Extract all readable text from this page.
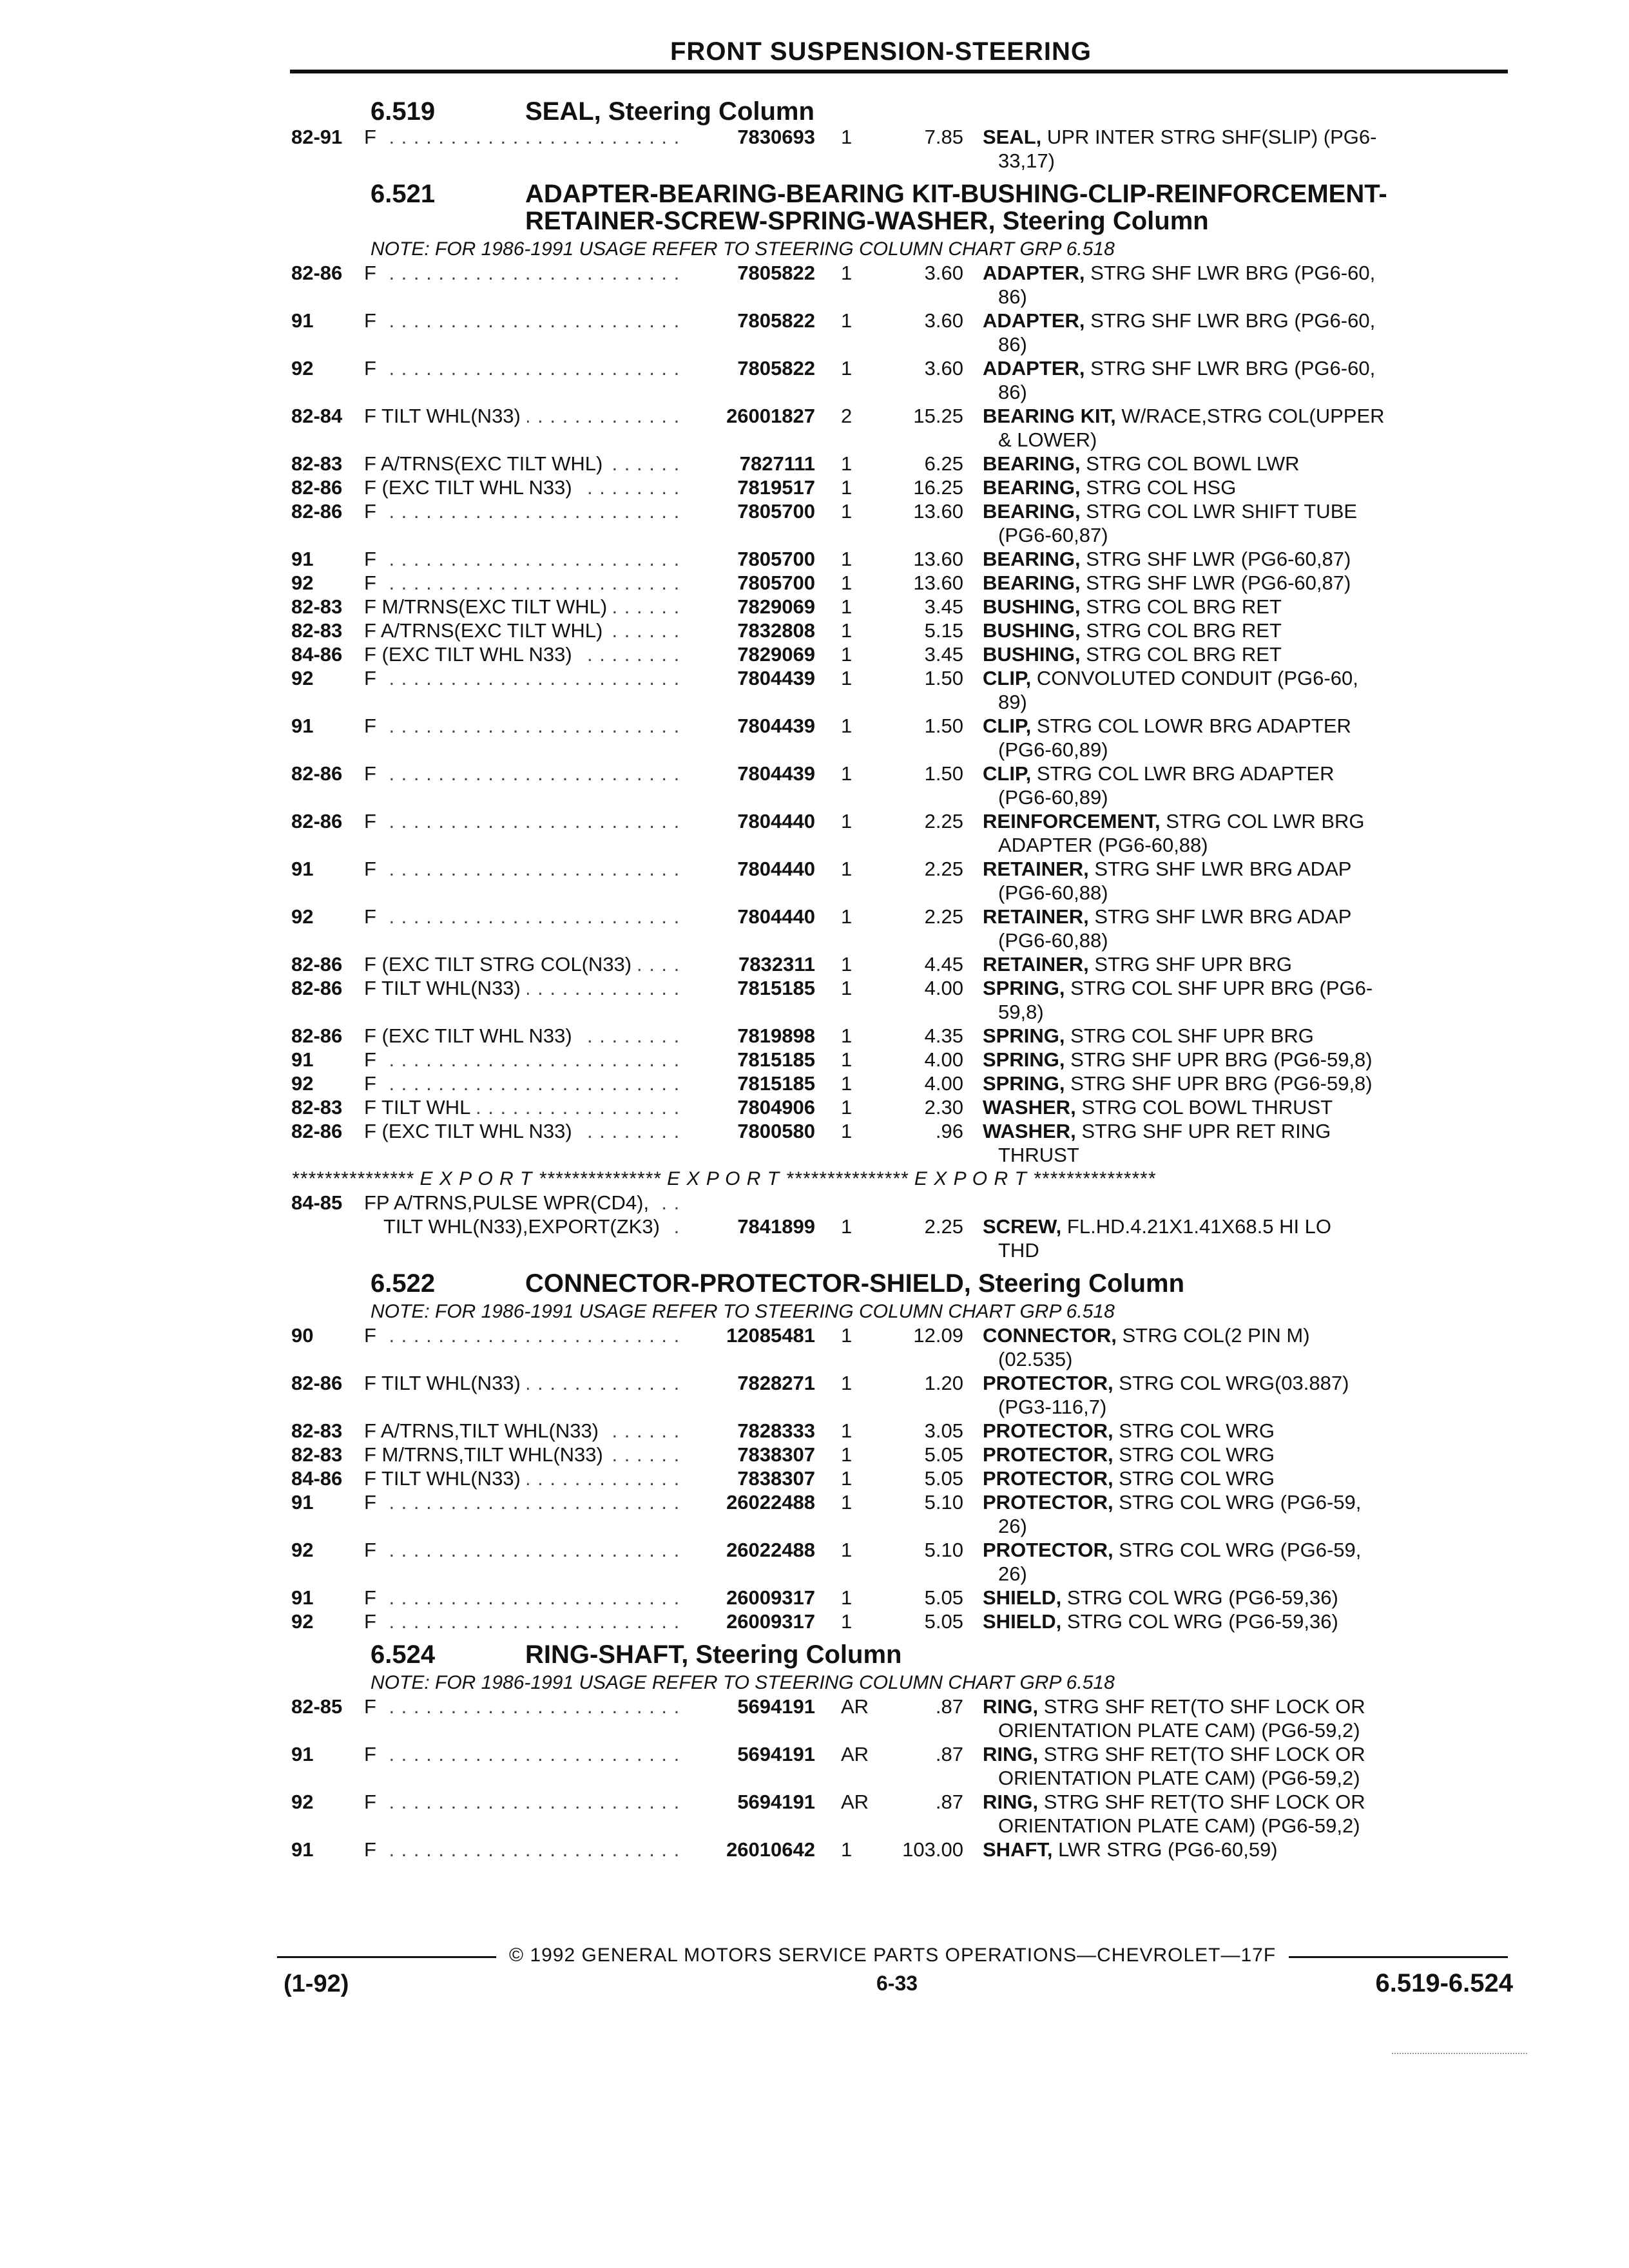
FRONT SUSPENSION-STEERING
6.519	SEAL, Steering Column
82-91	F . . .	7830693	1	7.85 SEAL, UPR INTER STRG SHF(SLIP) (PG6-
33,17)
6.521	ADAPTER-BEARING-BEARING KIT-BUSHING-CLIP-REINFORCEMENT-RETAINER-SCREW-SPRING-WASHER, Steering Column
NOTE: FOR 1986-1991 USAGE REFER TO STEERING COLUMN CHART GRP 6.518
82-86	F . . .	7805822	1	3.60 ADAPTER, STRG SHF LWR BRG (PG6-60,
86)
91	F . . .	7805822	1	3.60 ADAPTER, STRG SHF LWR BRG (PG6-60,
86)
92	F . . .	7805822	1	3.60 ADAPTER, STRG SHF LWR BRG (PG6-60,
86)
82-84	F TILT WHL(N33) . . .	26001827	2	15.25 BEARING KIT, W/RACE,STRG COL(UPPER
& LOWER)
82-83	F A/TRNS(EXC TILT WHL) . . .	7827111	1	6.25 BEARING, STRG COL BOWL LWR
82-86	F (EXC TILT WHL N33) . . .	7819517	1	16.25 BEARING, STRG COL HSG
82-86	F . . .	7805700	1	13.60 BEARING, STRG COL LWR SHIFT TUBE
(PG6-60,87)
91	F . . .	7805700	1	13.60 BEARING, STRG SHF LWR (PG6-60,87)
92	F . . .	7805700	1	13.60 BEARING, STRG SHF LWR (PG6-60,87)
82-83	F M/TRNS(EXC TILT WHL) . . .	7829069	1	3.45 BUSHING, STRG COL BRG RET
82-83	F A/TRNS(EXC TILT WHL) . . .	7832808	1	5.15 BUSHING, STRG COL BRG RET
84-86	F (EXC TILT WHL N33) . . .	7829069	1	3.45 BUSHING, STRG COL BRG RET
92	F . . .	7804439	1	1.50 CLIP, CONVOLUTED CONDUIT (PG6-60,
89)
91	F . . .	7804439	1	1.50 CLIP, STRG COL LOWR BRG ADAPTER
(PG6-60,89)
82-86	F . . .	7804439	1	1.50 CLIP, STRG COL LWR BRG ADAPTER
(PG6-60,89)
82-86	F . . .	7804440	1	2.25 REINFORCEMENT, STRG COL LWR BRG
ADAPTER (PG6-60,88)
91	F . . .	7804440	1	2.25 RETAINER, STRG SHF LWR BRG ADAP
(PG6-60,88)
92	F . . .	7804440	1	2.25 RETAINER, STRG SHF LWR BRG ADAP
(PG6-60,88)
82-86	F (EXC TILT STRG COL(N33) . . .	7832311	1	4.45 RETAINER, STRG SHF UPR BRG
82-86	F TILT WHL(N33) . . .	7815185	1	4.00 SPRING, STRG COL SHF UPR BRG (PG6-
59,8)
82-86	F (EXC TILT WHL N33) . . .	7819898	1	4.35 SPRING, STRG COL SHF UPR BRG
91	F . . .	7815185	1	4.00 SPRING, STRG SHF UPR BRG (PG6-59,8)
92	F . . .	7815185	1	4.00 SPRING, STRG SHF UPR BRG (PG6-59,8)
82-83	F TILT WHL . . .	7804906	1	2.30 WASHER, STRG COL BOWL THRUST
82-86	F (EXC TILT WHL N33) . . .	7800580	1	.96 WASHER, STRG SHF UPR RET RING
THRUST
*************** E X P O R T *************** E X P O R T *************** E X P O R T ***************
84-85	FP A/TRNS,PULSE WPR(CD4), . . .
TILT WHL(N33),EXPORT(ZK3) . . .	7841899	1	2.25 SCREW, FL.HD.4.21X1.41X68.5 HI LO
THD
6.522	CONNECTOR-PROTECTOR-SHIELD, Steering Column
NOTE: FOR 1986-1991 USAGE REFER TO STEERING COLUMN CHART GRP 6.518
90	F . . .	12085481	1	12.09 CONNECTOR, STRG COL(2 PIN M)
(02.535)
82-86	F TILT WHL(N33) . . .	7828271	1	1.20 PROTECTOR, STRG COL WRG(03.887)
(PG3-116,7)
82-83	F A/TRNS,TILT WHL(N33) . . .	7828333	1	3.05 PROTECTOR, STRG COL WRG
82-83	F M/TRNS,TILT WHL(N33) . . .	7838307	1	5.05 PROTECTOR, STRG COL WRG
84-86	F TILT WHL(N33) . . .	7838307	1	5.05 PROTECTOR, STRG COL WRG
91	F . . .	26022488	1	5.10 PROTECTOR, STRG COL WRG (PG6-59,
26)
92	F . . .	26022488	1	5.10 PROTECTOR, STRG COL WRG (PG6-59,
26)
91	F . . .	26009317	1	5.05 SHIELD, STRG COL WRG (PG6-59,36)
92	F . . .	26009317	1	5.05 SHIELD, STRG COL WRG (PG6-59,36)
6.524	RING-SHAFT, Steering Column
NOTE: FOR 1986-1991 USAGE REFER TO STEERING COLUMN CHART GRP 6.518
82-85	F . . .	5694191	AR	.87 RING, STRG SHF RET(TO SHF LOCK OR
ORIENTATION PLATE CAM) (PG6-59,2)
91	F . . .	5694191	AR	.87 RING, STRG SHF RET(TO SHF LOCK OR
ORIENTATION PLATE CAM) (PG6-59,2)
92	F . . .	5694191	AR	.87 RING, STRG SHF RET(TO SHF LOCK OR
ORIENTATION PLATE CAM) (PG6-59,2)
91	F . . .	26010642	1	103.00 SHAFT, LWR STRG (PG6-60,59)
© 1992 GENERAL MOTORS SERVICE PARTS OPERATIONS—CHEVROLET—17F
(1-92)	6-33	6.519-6.524
